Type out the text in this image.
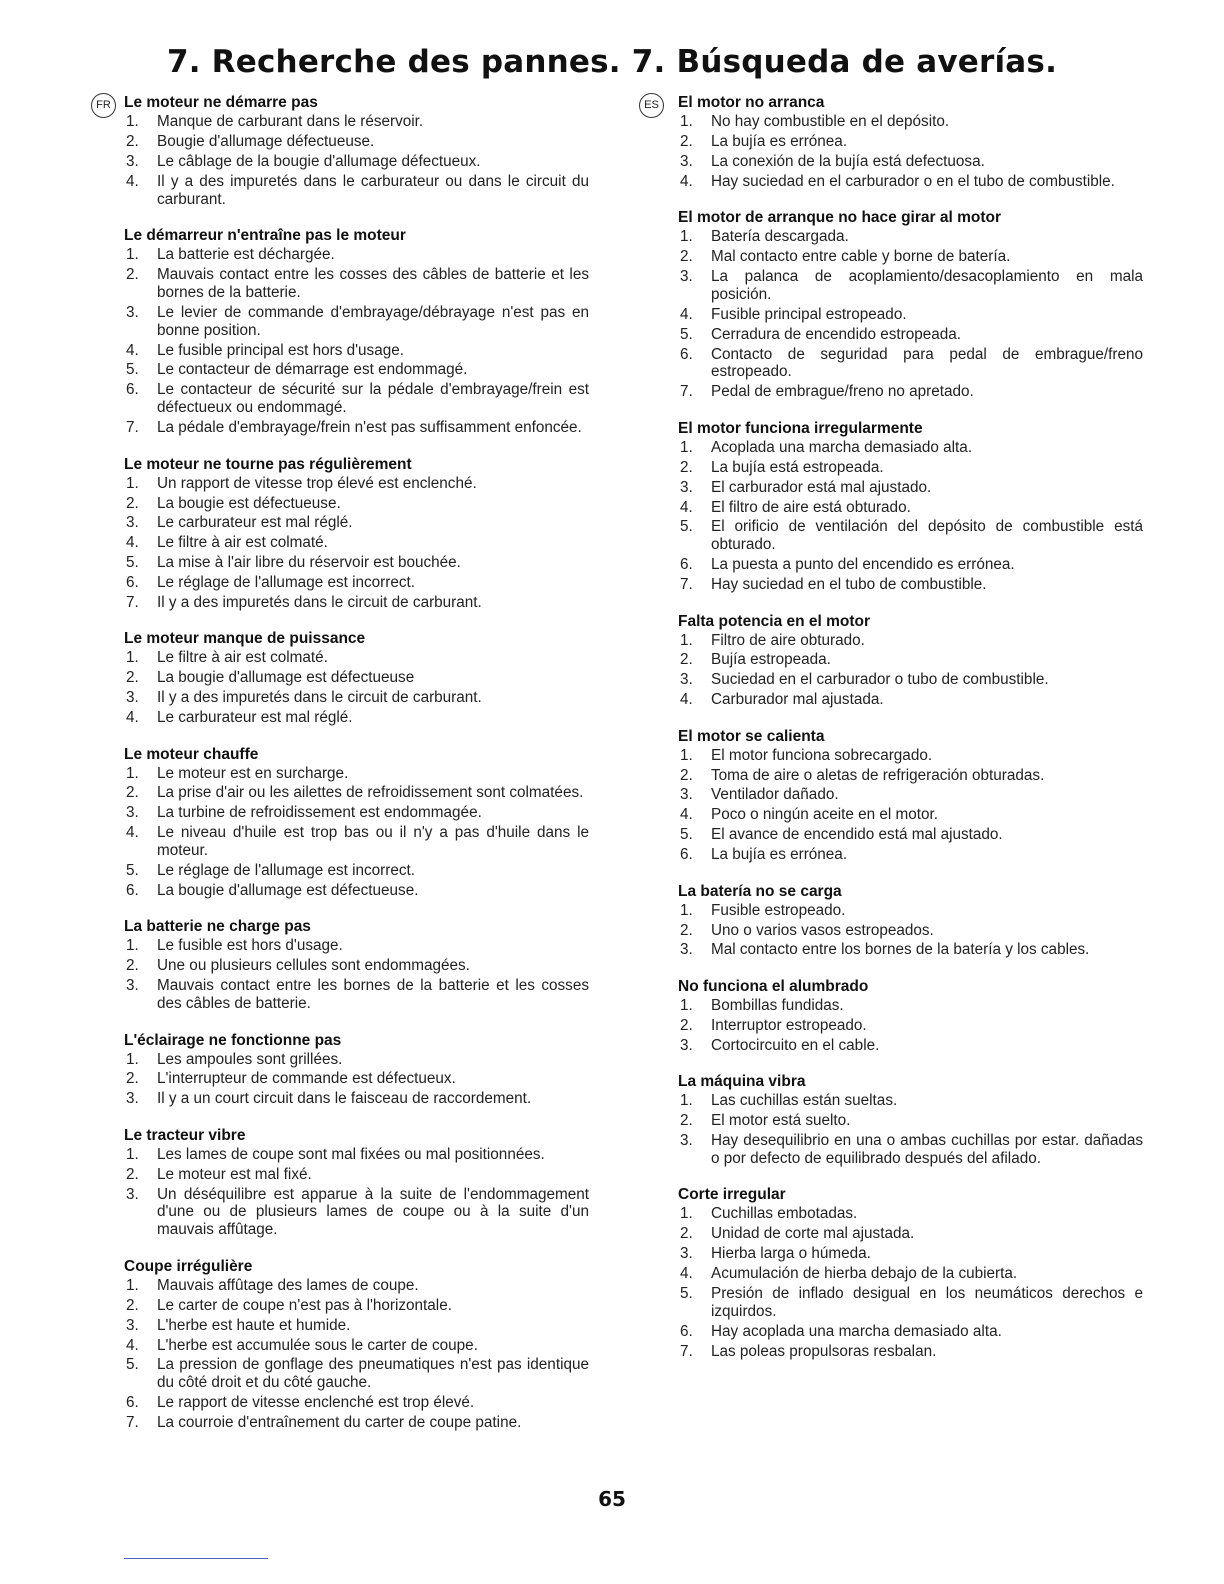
7. Recherche des pannes. 7. Búsqueda de averías.
FR Le moteur ne démarre pas
1. Manque de carburant dans le réservoir.
2. Bougie d'allumage défectueuse.
3. Le câblage de la bougie d'allumage défectueux.
4. Il y a des impuretés dans le carburateur ou dans le circuit du carburant.
Le démarreur n'entraîne pas le moteur
1. La batterie est déchargée.
2. Mauvais contact entre les cosses des câbles de batterie et les bornes de la batterie.
3. Le levier de commande d'embrayage/débrayage n'est pas en bonne position.
4. Le fusible principal est hors d'usage.
5. Le contacteur de démarrage est endommagé.
6. Le contacteur de sécurité sur la pédale d'embrayage/frein est défectueux ou endommagé.
7. La pédale d'embrayage/frein n'est pas suffisamment enfoncée.
Le moteur ne tourne pas régulièrement
1. Un rapport de vitesse trop élevé est enclenché.
2. La bougie est défectueuse.
3. Le carburateur est mal réglé.
4. Le filtre à air est colmaté.
5. La mise à l'air libre du réservoir est bouchée.
6. Le réglage de l'allumage est incorrect.
7. Il y a des impuretés dans le circuit de carburant.
Le moteur manque de puissance
1. Le filtre à air est colmaté.
2. La bougie d'allumage est défectueuse
3. Il y a des impuretés dans le circuit de carburant.
4. Le carburateur est mal réglé.
Le moteur chauffe
1. Le moteur est en surcharge.
2. La prise d'air ou les ailettes de refroidissement sont colmatées.
3. La turbine de refroidissement est endommagée.
4. Le niveau d'huile est trop bas ou il n'y a pas d'huile dans le moteur.
5. Le réglage de l'allumage est incorrect.
6. La bougie d'allumage est défectueuse.
La batterie ne charge pas
1. Le fusible est hors d'usage.
2. Une ou plusieurs cellules sont endommagées.
3. Mauvais contact entre les bornes de la batterie et les cosses des câbles de batterie.
L'éclairage ne fonctionne pas
1. Les ampoules sont grillées.
2. L'interrupteur de commande est défectueux.
3. Il y a un court circuit dans le faisceau de raccordement.
Le tracteur vibre
1. Les lames de coupe sont mal fixées ou mal positionnées.
2. Le moteur est mal fixé.
3. Un déséquilibre est apparue à la suite de l'endommagement d'une ou de plusieurs lames de coupe ou à la suite d'un mauvais affûtage.
Coupe irrégulière
1. Mauvais affûtage des lames de coupe.
2. Le carter de coupe n'est pas à l'horizontale.
3. L'herbe est haute et humide.
4. L'herbe est accumulée sous le carter de coupe.
5. La pression de gonflage des pneumatiques n'est pas identique du côté droit et du côté gauche.
6. Le rapport de vitesse enclenché est trop élevé.
7. La courroie d'entraînement du carter de coupe patine.
ES	El motor no arranca
1. No hay combustible en el depósito.
2. La bujía es errónea.
3. La conexión de la bujía está defectuosa.
4. Hay suciedad en el carburador o en el tubo de combustible.
El motor de arranque no hace girar al motor
1. Batería descargada.
2. Mal contacto entre cable y borne de batería.
3. La palanca de acoplamiento/desacoplamiento en mala posición.
4. Fusible principal estropeado.
5. Cerradura de encendido estropeada.
6. Contacto de seguridad para pedal de embrague/freno estropeado.
7. Pedal de embrague/freno no apretado.
El motor funciona irregularmente
1. Acoplada una marcha demasiado alta.
2. La bujía está estropeada.
3. El carburador está mal ajustado.
4. El filtro de aire está obturado.
5. El orificio de ventilación del depósito de combustible está obturado.
6. La puesta a punto del encendido es errónea.
7. Hay suciedad en el tubo de combustible.
Falta potencia en el motor
1. Filtro de aire obturado.
2. Bujía estropeada.
3. Suciedad en el carburador o tubo de combustible.
4. Carburador mal ajustada.
El motor se calienta
1. El motor funciona sobrecargado.
2. Toma de aire o aletas de refrigeración obturadas.
3. Ventilador dañado.
4. Poco o ningún aceite en el motor.
5. El avance de encendido está mal ajustado.
6. La bujía es errónea.
La batería no se carga
1. Fusible estropeado.
2. Uno o varios vasos estropeados.
3. Mal contacto entre los bornes de la batería y los cables.
No funciona el alumbrado
1. Bombillas fundidas.
2. Interruptor estropeado.
3. Cortocircuito en el cable.
La máquina vibra
1. Las cuchillas están sueltas.
2. El motor está suelto.
3. Hay desequilibrio en una o ambas cuchillas por estar. dañadas o por defecto de equilibrado después del afilado.
Corte irregular
1. Cuchillas embotadas.
2. Unidad de corte mal ajustada.
3. Hierba larga o húmeda.
4. Acumulación de hierba debajo de la cubierta.
5. Presión de inflado desigual en los neumáticos derechos e izquirdos.
6. Hay acoplada una marcha demasiado alta.
7. Las poleas propulsoras resbalan.
65
